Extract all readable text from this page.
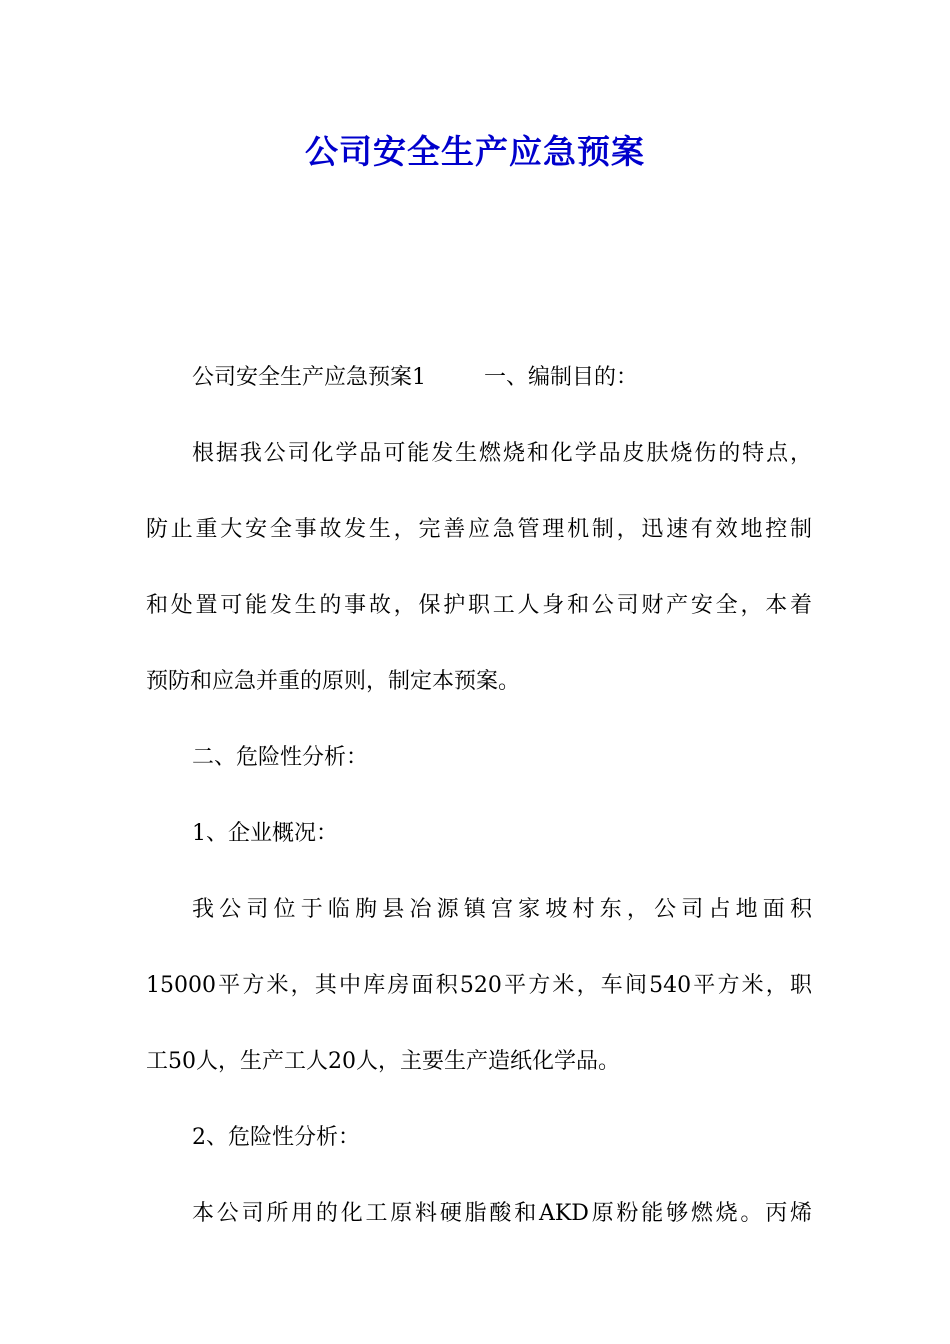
公司安全生产应急预案

公司安全生产应急预案1	一、编制目的：

根据我公司化学品可能发生燃烧和化学品皮肤烧伤的特点，

防止重大安全事故发生，完善应急管理机制，迅速有效地控制

和处置可能发生的事故，保护职工人身和公司财产安全，本着

预防和应急并重的原则，制定本预案。

二、危险性分析：

1、企业概况：

我公司位于临朐县冶源镇宫家坡村东，公司占地面积

15000平方米，其中库房面积520平方米，车间540平方米，职

工50人，生产工人20人，主要生产造纸化学品。

2、危险性分析：

本公司所用的化工原料硬脂酸和AKD原粉能够燃烧。丙烯
